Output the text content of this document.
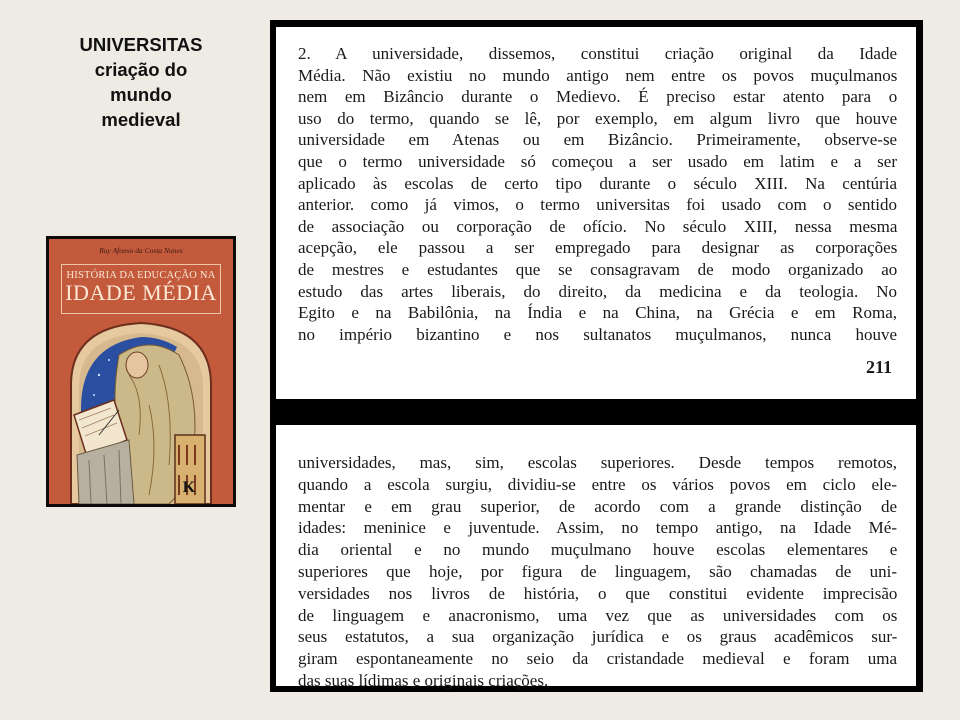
UNIVERSITAS
criação do
mundo
medieval
Ruy Afonso da Costa Nunes
HISTÓRIA DA EDUCAÇÃO NA
IDADE MÉDIA
K
2. A universidade, dissemos, constitui criação original da Idade
Média. Não existiu no mundo antigo nem entre os povos muçulmanos
nem em Bizâncio durante o Medievo. É preciso estar atento para o
uso do termo, quando se lê, por exemplo, em algum livro que houve
universidade em Atenas ou em Bizâncio. Primeiramente, observe-se
que o termo universidade só começou a ser usado em latim e a ser
aplicado às escolas de certo tipo durante o século XIII. Na centúria
anterior. como já vimos, o termo universitas foi usado com o sentido
de associação ou corporação de ofício. No século XIII, nessa mesma
acepção, ele passou a ser empregado para designar as corporações
de mestres e estudantes que se consagravam de modo organizado ao
estudo das artes liberais, do direito, da medicina e da teologia. No
Egito e na Babilônia, na Índia e na China, na Grécia e em Roma,
no império bizantino e nos sultanatos muçulmanos, nunca houve
211
universidades, mas, sim, escolas superiores. Desde tempos remotos,
quando a escola surgiu, dividiu-se entre os vários povos em ciclo ele-
mentar e em grau superior, de acordo com a grande distinção de
idades: meninice e juventude. Assim, no tempo antigo, na Idade Mé-
dia oriental e no mundo muçulmano houve escolas elementares e
superiores que hoje, por figura de linguagem, são chamadas de uni-
versidades nos livros de história, o que constitui evidente imprecisão
de linguagem e anacronismo, uma vez que as universidades com os
seus estatutos, a sua organização jurídica e os graus acadêmicos sur-
giram espontaneamente no seio da cristandade medieval e foram uma
das suas lídimas e originais criações.
